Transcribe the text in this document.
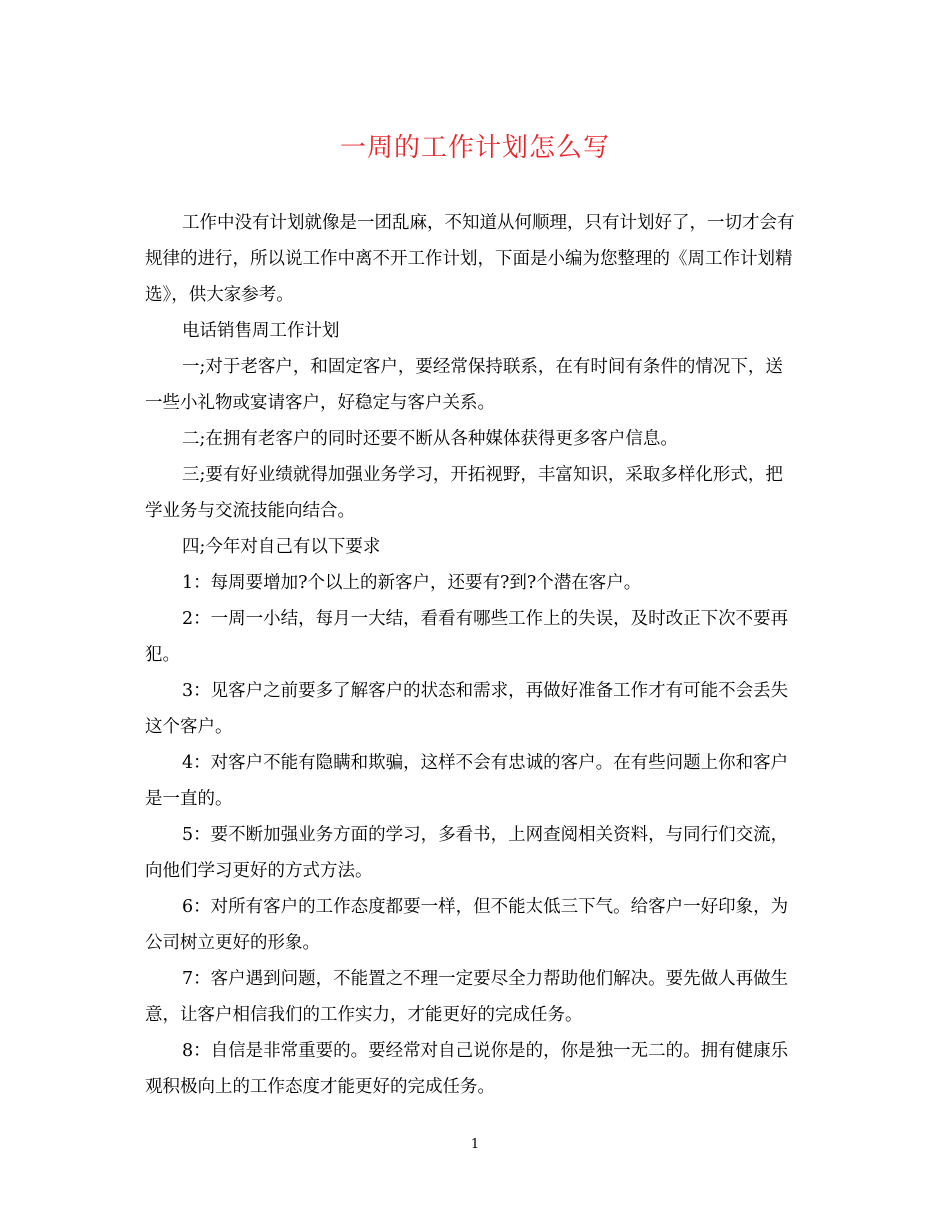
一周的工作计划怎么写

工作中没有计划就像是一团乱麻，不知道从何顺理，只有计划好了，一切才会有规律的进行，所以说工作中离不开工作计划，下面是小编为您整理的《周工作计划精选》，供大家参考。

电话销售周工作计划

一;对于老客户，和固定客户，要经常保持联系，在有时间有条件的情况下，送一些小礼物或宴请客户，好稳定与客户关系。

二;在拥有老客户的同时还要不断从各种媒体获得更多客户信息。

三;要有好业绩就得加强业务学习，开拓视野，丰富知识，采取多样化形式，把学业务与交流技能向结合。

四;今年对自己有以下要求

1：每周要增加?个以上的新客户，还要有?到?个潜在客户。

2：一周一小结，每月一大结，看看有哪些工作上的失误，及时改正下次不要再犯。

3：见客户之前要多了解客户的状态和需求，再做好准备工作才有可能不会丢失这个客户。

4：对客户不能有隐瞒和欺骗，这样不会有忠诚的客户。在有些问题上你和客户是一直的。

5：要不断加强业务方面的学习，多看书，上网查阅相关资料，与同行们交流，向他们学习更好的方式方法。

6：对所有客户的工作态度都要一样，但不能太低三下气。给客户一好印象，为公司树立更好的形象。

7：客户遇到问题，不能置之不理一定要尽全力帮助他们解决。要先做人再做生意，让客户相信我们的工作实力，才能更好的完成任务。

8：自信是非常重要的。要经常对自己说你是的，你是独一无二的。拥有健康乐观积极向上的工作态度才能更好的完成任务。

1
